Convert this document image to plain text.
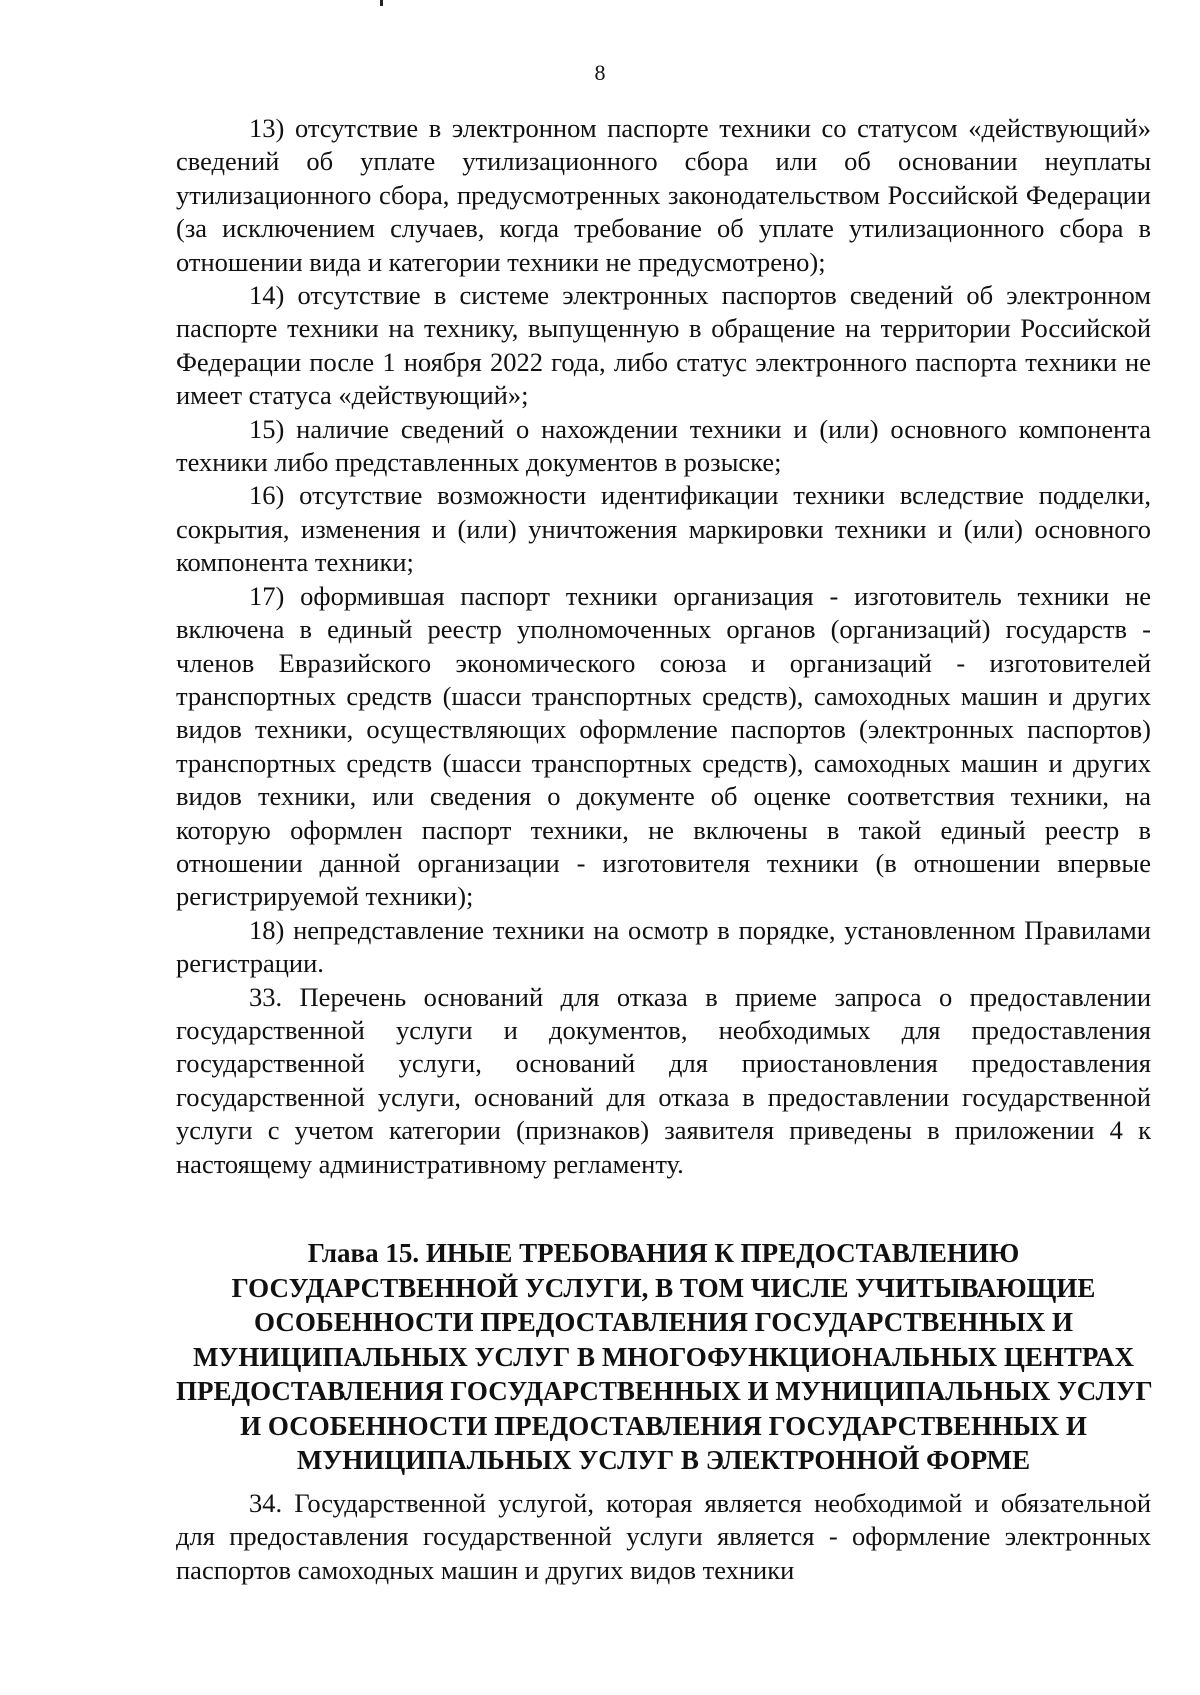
8

13) отсутствие в электронном паспорте техники со статусом «действующий» сведений об уплате утилизационного сбора или об основании неуплаты утилизационного сбора, предусмотренных законодательством Российской Федерации (за исключением случаев, когда требование об уплате утилизационного сбора в отношении вида и категории техники не предусмотрено);

14) отсутствие в системе электронных паспортов сведений об электронном паспорте техники на технику, выпущенную в обращение на территории Российской Федерации после 1 ноября 2022 года, либо статус электронного паспорта техники не имеет статуса «действующий»;

15) наличие сведений о нахождении техники и (или) основного компонента техники либо представленных документов в розыске;

16) отсутствие возможности идентификации техники вследствие подделки, сокрытия, изменения и (или) уничтожения маркировки техники и (или) основного компонента техники;

17) оформившая паспорт техники организация - изготовитель техники не включена в единый реестр уполномоченных органов (организаций) государств - членов Евразийского экономического союза и организаций - изготовителей транспортных средств (шасси транспортных средств), самоходных машин и других видов техники, осуществляющих оформление паспортов (электронных паспортов) транспортных средств (шасси транспортных средств), самоходных машин и других видов техники, или сведения о документе об оценке соответствия техники, на которую оформлен паспорт техники, не включены в такой единый реестр в отношении данной организации - изготовителя техники (в отношении впервые регистрируемой техники);

18) непредставление техники на осмотр в порядке, установленном Правилами регистрации.

33. Перечень оснований для отказа в приеме запроса о предоставлении государственной услуги и документов, необходимых для предоставления государственной услуги, оснований для приостановления предоставления государственной услуги, оснований для отказа в предоставлении государственной услуги с учетом категории (признаков) заявителя приведены в приложении 4 к настоящему административному регламенту.

Глава 15. ИНЫЕ ТРЕБОВАНИЯ К ПРЕДОСТАВЛЕНИЮ
ГОСУДАРСТВЕННОЙ УСЛУГИ, В ТОМ ЧИСЛЕ УЧИТЫВАЮЩИЕ
ОСОБЕННОСТИ ПРЕДОСТАВЛЕНИЯ ГОСУДАРСТВЕННЫХ И
МУНИЦИПАЛЬНЫХ УСЛУГ В МНОГОФУНКЦИОНАЛЬНЫХ ЦЕНТРАХ
ПРЕДОСТАВЛЕНИЯ ГОСУДАРСТВЕННЫХ И МУНИЦИПАЛЬНЫХ УСЛУГ
И ОСОБЕННОСТИ ПРЕДОСТАВЛЕНИЯ ГОСУДАРСТВЕННЫХ И
МУНИЦИПАЛЬНЫХ УСЛУГ В ЭЛЕКТРОННОЙ ФОРМЕ

34. Государственной услугой, которая является необходимой и обязательной для предоставления государственной услуги является - оформление электронных паспортов самоходных машин и других видов техники
